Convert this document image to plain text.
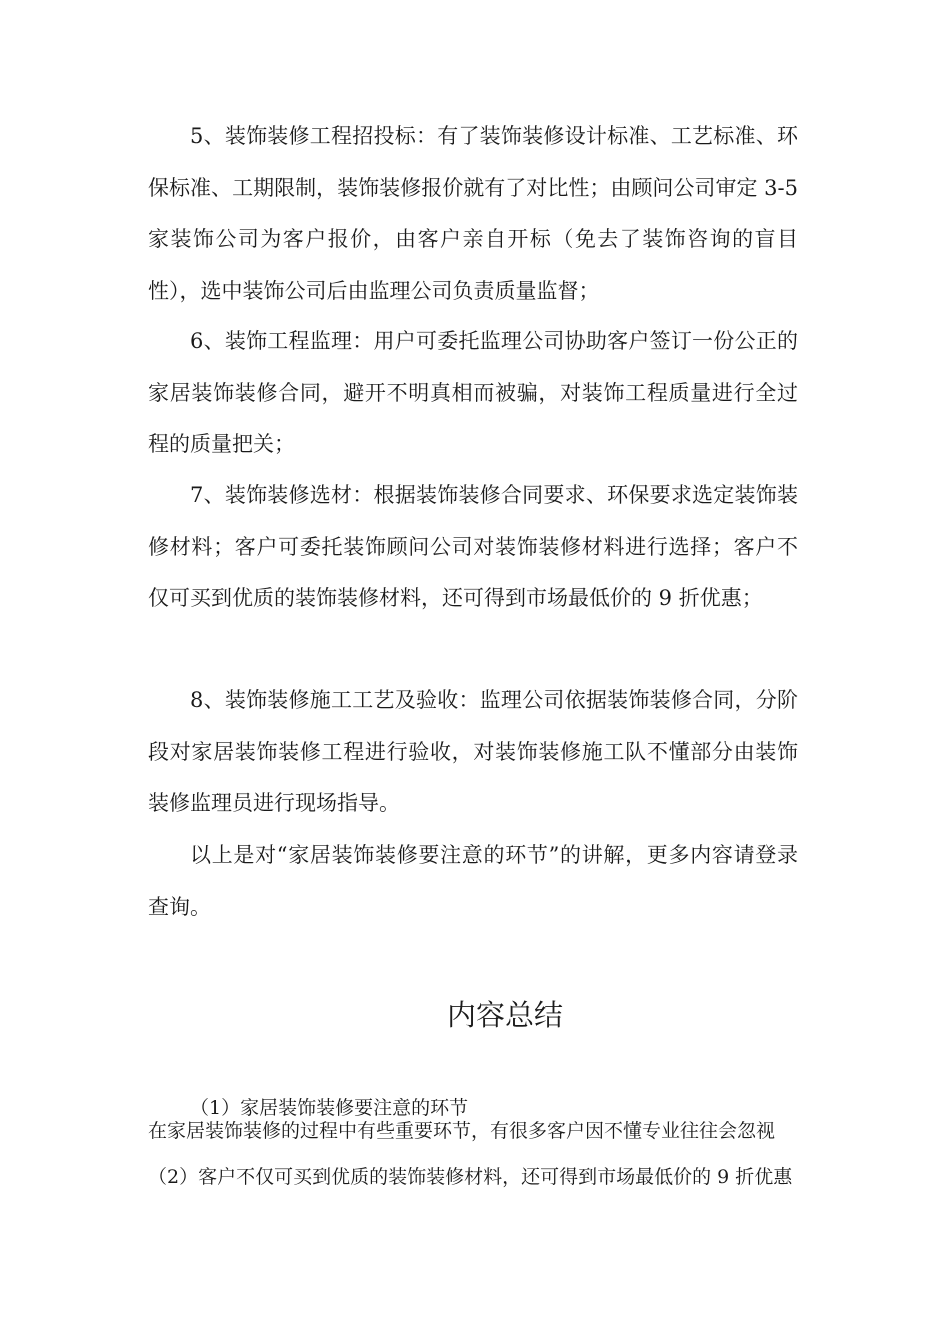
5、装饰装修工程招投标：有了装饰装修设计标准、工艺标准、环保标准、工期限制，装饰装修报价就有了对比性；由顾问公司审定 3-5 家装饰公司为客户报价，由客户亲自开标（免去了装饰咨询的盲目性），选中装饰公司后由监理公司负责质量监督；

6、装饰工程监理：用户可委托监理公司协助客户签订一份公正的家居装饰装修合同，避开不明真相而被骗，对装饰工程质量进行全过程的质量把关；

7、装饰装修选材：根据装饰装修合同要求、环保要求选定装饰装修材料；客户可委托装饰顾问公司对装饰装修材料进行选择；客户不仅可买到优质的装饰装修材料，还可得到市场最低价的 9 折优惠；

8、装饰装修施工工艺及验收：监理公司依据装饰装修合同，分阶段对家居装饰装修工程进行验收，对装饰装修施工队不懂部分由装饰装修监理员进行现场指导。

以上是对“家居装饰装修要注意的环节”的讲解，更多内容请登录查询。

内容总结

（1）家居装饰装修要注意的环节

在家居装饰装修的过程中有些重要环节，有很多客户因不懂专业往往会忽视

（2）客户不仅可买到优质的装饰装修材料，还可得到市场最低价的 9 折优惠
